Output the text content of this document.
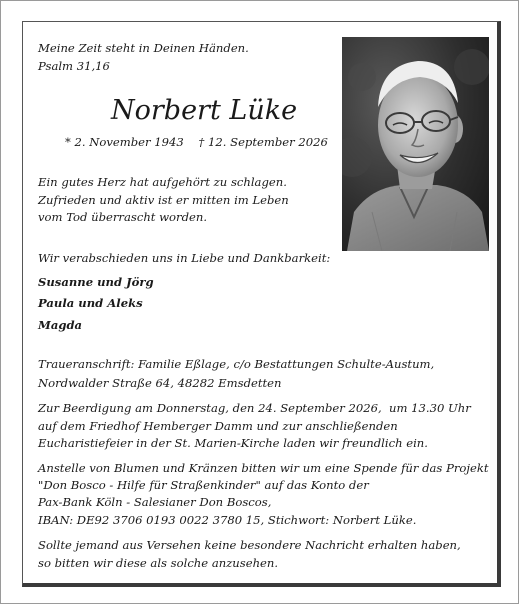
Meine Zeit steht in Deinen Händen.

Psalm 31,16

Norbert Lüke

* 2. November 1943    † 12. September 2026

Ein gutes Herz hat aufgehört zu schlagen.

Zufrieden und aktiv ist er mitten im Leben

vom Tod überrascht worden.

Wir verabschieden uns in Liebe und Dankbarkeit:

Susanne und Jörg

Paula und Aleks

Magda

Traueranschrift: Familie Eßlage, c/o Bestattungen Schulte-Austum,

Nordwalder Straße 64, 48282 Emsdetten

Zur Beerdigung am Donnerstag, den 24. September 2026,  um 13.30 Uhr

auf dem Friedhof Hemberger Damm und zur anschließenden

Eucharistiefeier in der St. Marien-Kirche laden wir freundlich ein.

Anstelle von Blumen und Kränzen bitten wir um eine Spende für das Projekt

"Don Bosco - Hilfe für Straßenkinder" auf das Konto der

Pax-Bank Köln - Salesianer Don Boscos,

IBAN: DE92 3706 0193 0022 3780 15, Stichwort: Norbert Lüke.

Sollte jemand aus Versehen keine besondere Nachricht erhalten haben,

so bitten wir diese als solche anzusehen.
